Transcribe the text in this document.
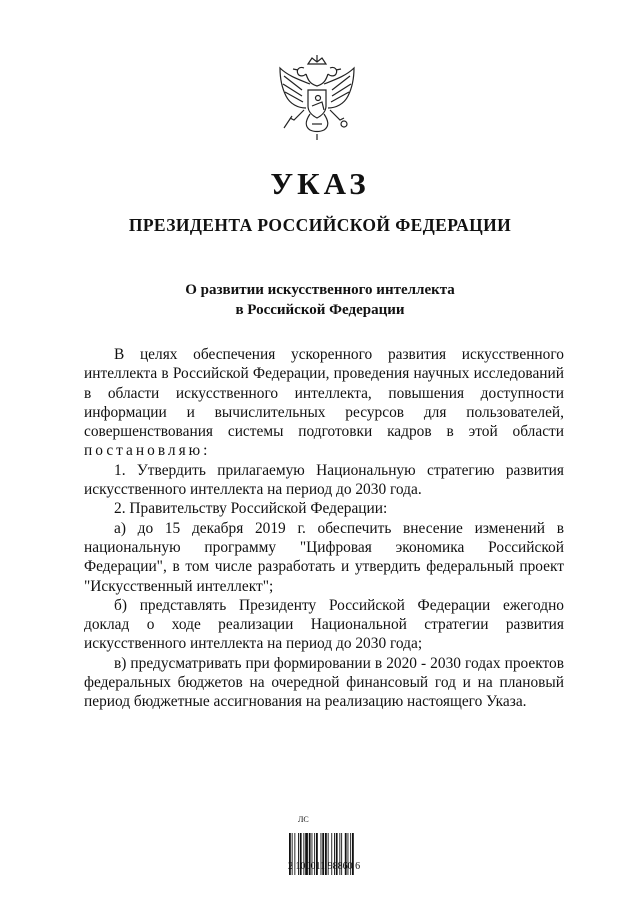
УКАЗ
ПРЕЗИДЕНТА РОССИЙСКОЙ ФЕДЕРАЦИИ
О развитии искусственного интеллекта
в Российской Федерации

В целях обеспечения ускоренного развития искусственного интеллекта в Российской Федерации, проведения научных исследований в области искусственного интеллекта, повышения доступности информации и вычислительных ресурсов для пользователей, совершенствования системы подготовки кадров в этой области постановляю:

1. Утвердить прилагаемую Национальную стратегию развития искусственного интеллекта на период до 2030 года.

2. Правительству Российской Федерации:

а) до 15 декабря 2019 г. обеспечить внесение изменений в национальную программу "Цифровая экономика Российской Федерации", в том числе разработать и утвердить федеральный проект "Искусственный интеллект";

б) представлять Президенту Российской Федерации ежегодно доклад о ходе реализации Национальной стратегии развития искусственного интеллекта на период до 2030 года;

в) предусматривать при формировании в 2020 - 2030 годах проектов федеральных бюджетов на очередной финансовый год и на плановый период бюджетные ассигнования на реализацию настоящего Указа.

ЛС
2 100011 98860 6
